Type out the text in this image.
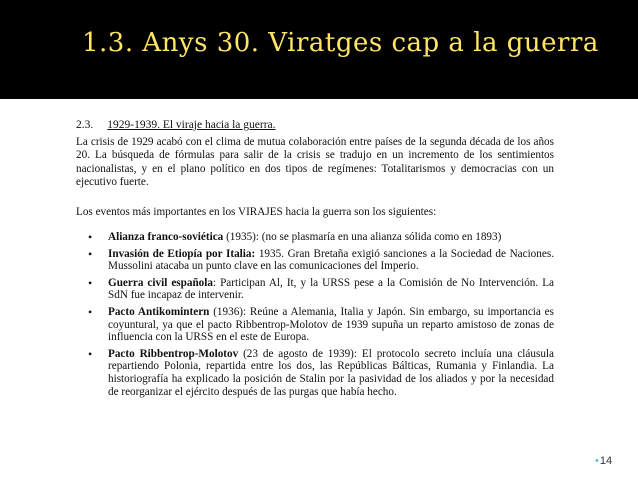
1.3. Anys 30. Viratges cap a la guerra
2.3. 1929-1939. El viraje hacia la guerra.

La crisis de 1929 acabó con el clima de mutua colaboración entre países de la segunda década de los años 20. La búsqueda de fórmulas para salir de la crisis se tradujo en un incremento de los sentimientos nacionalistas, y en el plano político en dos tipos de regímenes: Totalitarismos y democracias con un ejecutivo fuerte.

Los eventos más importantes en los VIRAJES hacia la guerra son los siguientes:

• Alianza franco-soviética (1935): (no se plasmaría en una alianza sólida como en 1893)
• Invasión de Etiopía por Italia: 1935. Gran Bretaña exigió sanciones a la Sociedad de Naciones. Mussolini atacaba un punto clave en las comunicaciones del Imperio.
• Guerra civil española: Participan Al, It, y la URSS pese a la Comisión de No Intervención. La SdN fue incapaz de intervenir.
• Pacto Antikomintern (1936): Reúne a Alemania, Italia y Japón. Sin embargo, su importancia es coyuntural, ya que el pacto Ribbentrop-Molotov de 1939 supuña un reparto amistoso de zonas de influencia con la URSS en el este de Europa.
• Pacto Ribbentrop-Molotov (23 de agosto de 1939): El protocolo secreto incluía una cláusula repartiendo Polonia, repartida entre los dos, las Repúblicas Bálticas, Rumania y Finlandia. La historiografía ha explicado la posición de Stalin por la pasividad de los aliados y por la necesidad de reorganizar el ejército después de las purgas que había hecho.
•14
